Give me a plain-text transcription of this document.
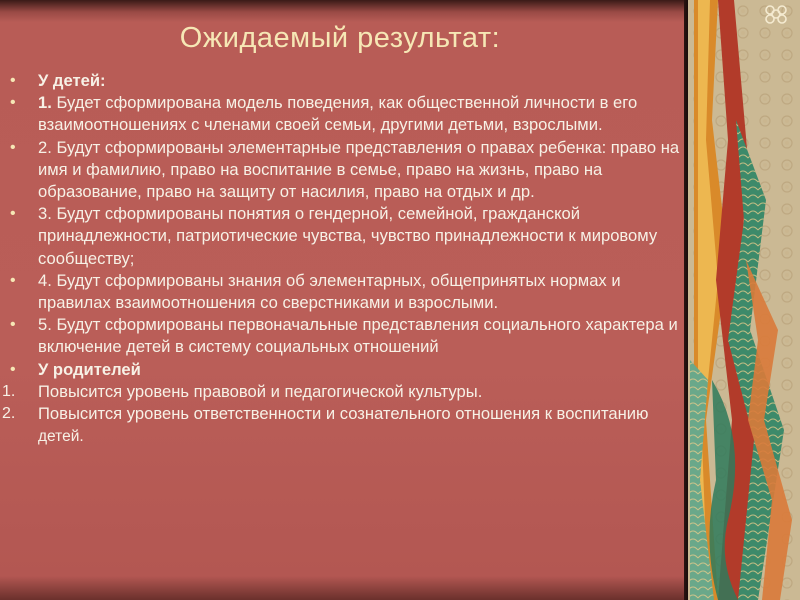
Ожидаемый результат:
• У детей:
• 1. Будет сформирована модель поведения, как общественной личности в его взаимоотношениях с членами своей семьи, другими детьми, взрослыми.
• 2. Будут сформированы элементарные представления о правах ребенка: право на имя и фамилию, право на воспитание в семье, право на жизнь, право на образование, право на защиту от насилия, право на отдых и др.
• 3. Будут сформированы понятия о гендерной, семейной, гражданской принадлежности, патриотические чувства, чувство принадлежности к мировому сообществу;
• 4. Будут сформированы знания об элементарных, общепринятых нормах и правилах взаимоотношения со сверстниками и взрослыми.
• 5. Будут сформированы первоначальные представления социального характера и включение детей в систему социальных отношений
• У родителей
1. Повысится уровень правовой и педагогической культуры.
2. Повысится уровень ответственности и сознательного отношения к воспитанию детей.
